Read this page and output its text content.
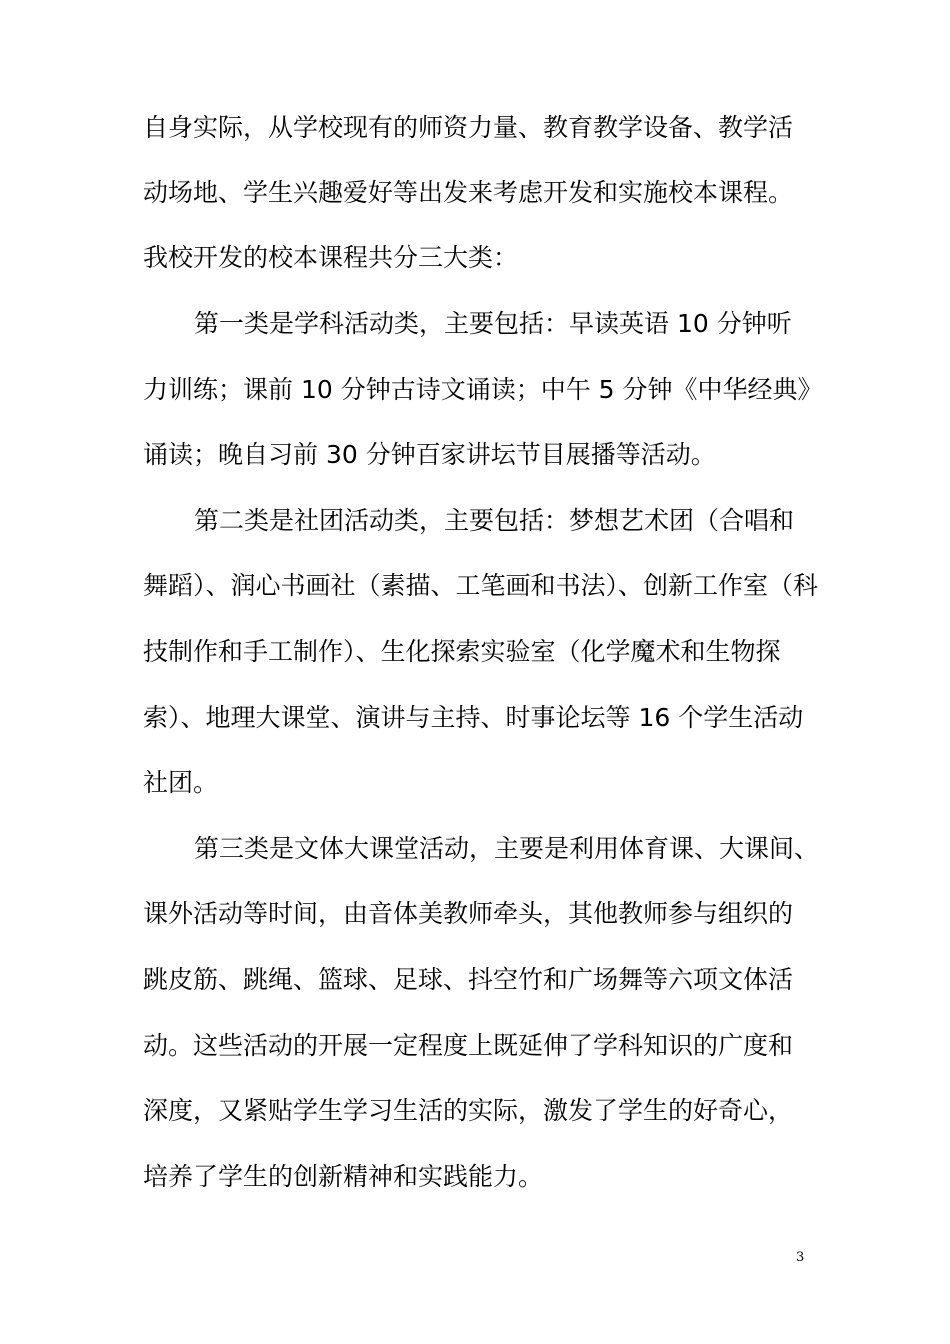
自身实际，从学校现有的师资力量、教育教学设备、教学活
动场地、学生兴趣爱好等出发来考虑开发和实施校本课程。
我校开发的校本课程共分三大类：
第一类是学科活动类，主要包括：早读英语 10 分钟听
力训练；课前 10 分钟古诗文诵读；中午 5 分钟《中华经典》
诵读；晚自习前 30 分钟百家讲坛节目展播等活动。
第二类是社团活动类，主要包括：梦想艺术团（合唱和
舞蹈）、润心书画社（素描、工笔画和书法）、创新工作室（科
技制作和手工制作）、生化探索实验室（化学魔术和生物探
索）、地理大课堂、演讲与主持、时事论坛等 16 个学生活动
社团。
第三类是文体大课堂活动，主要是利用体育课、大课间、
课外活动等时间，由音体美教师牵头，其他教师参与组织的
跳皮筋、跳绳、篮球、足球、抖空竹和广场舞等六项文体活
动。这些活动的开展一定程度上既延伸了学科知识的广度和
深度，又紧贴学生学习生活的实际，激发了学生的好奇心，
培养了学生的创新精神和实践能力。
3
